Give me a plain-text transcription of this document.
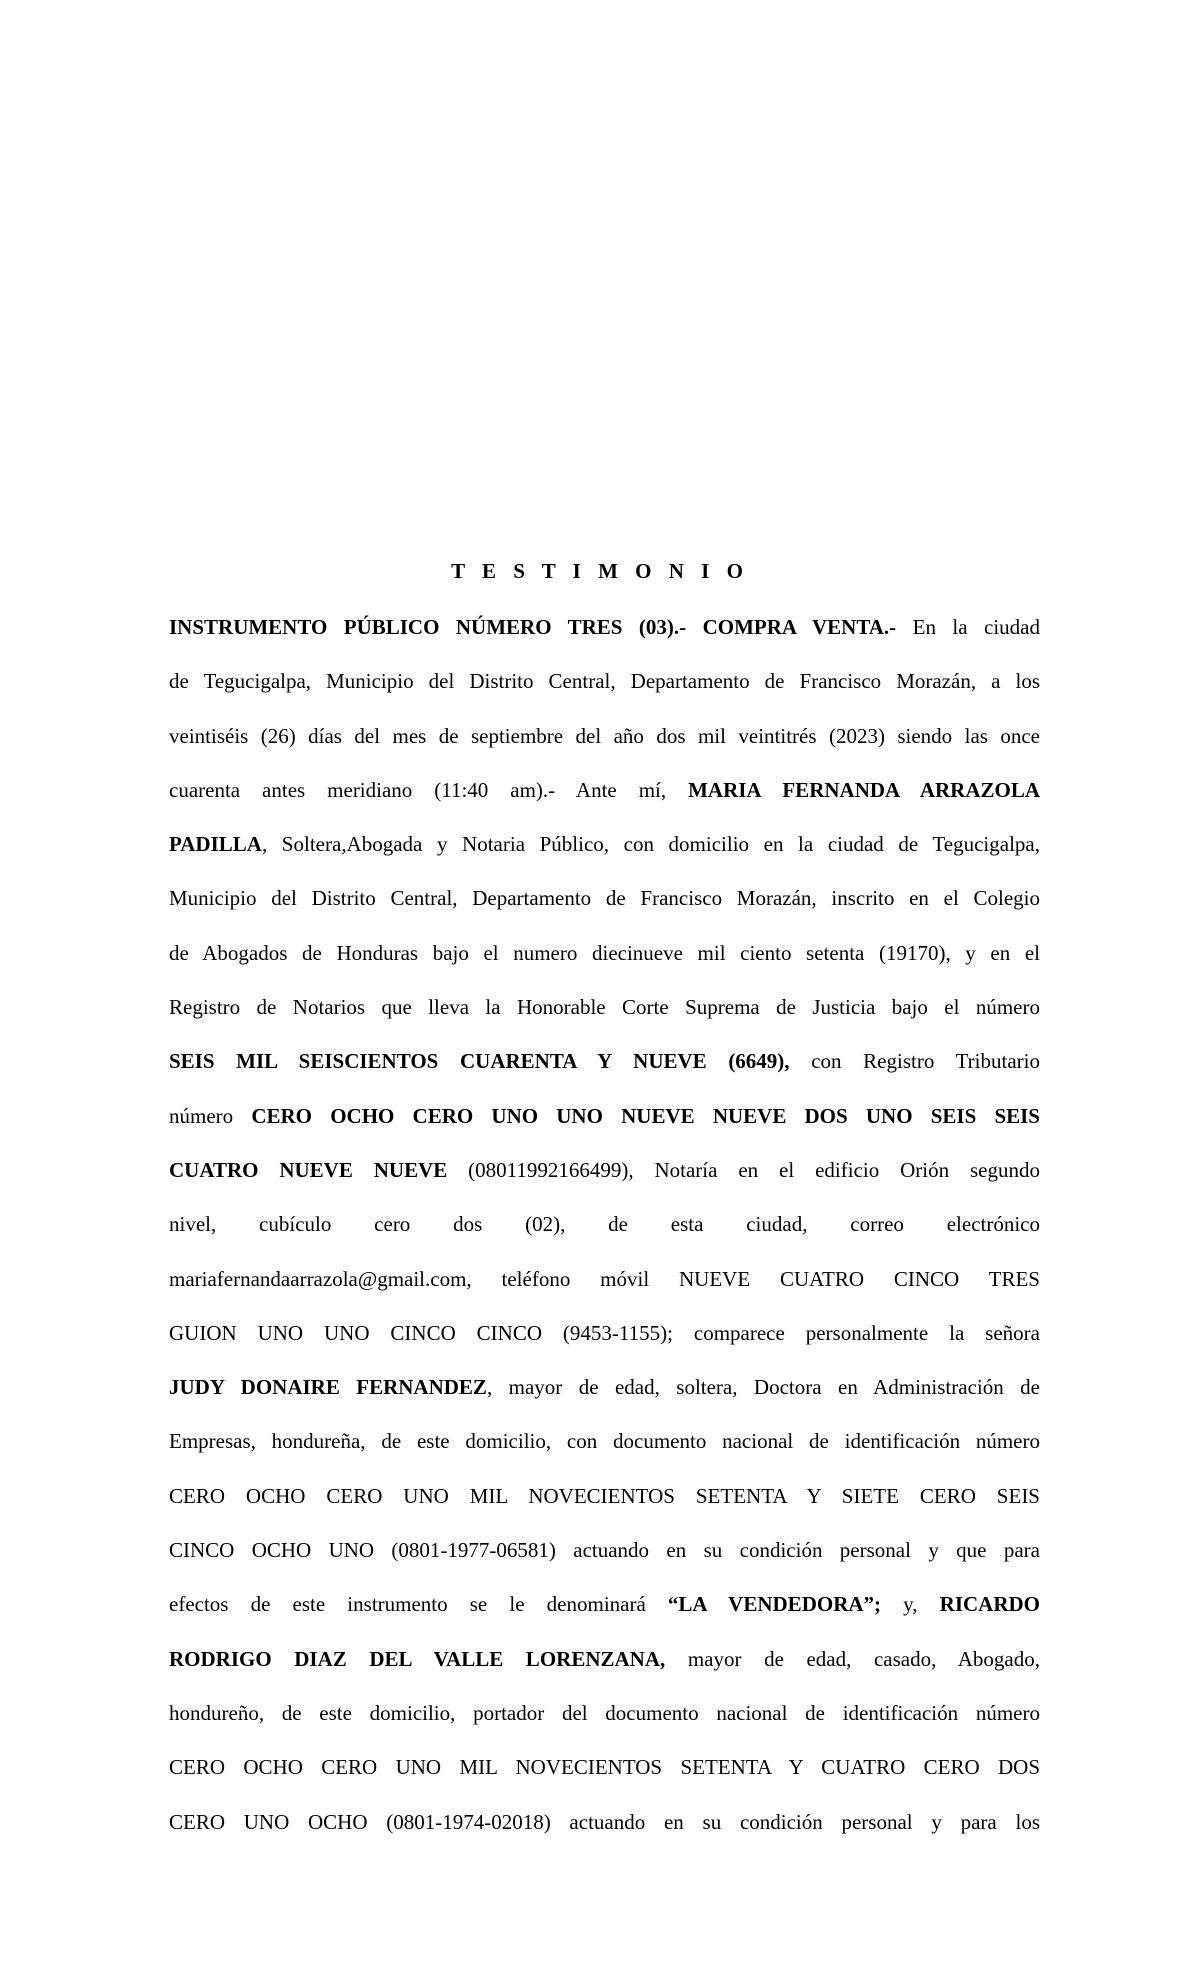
T E S T I M O N I O
INSTRUMENTO PÚBLICO NÚMERO TRES (03).- COMPRA VENTA.- En la ciudad
de Tegucigalpa, Municipio del Distrito Central, Departamento de Francisco Morazán, a los
veintiséis (26) días del mes de septiembre del año dos mil veintitrés (2023) siendo las once
cuarenta antes meridiano (11:40 am).- Ante mí, MARIA FERNANDA ARRAZOLA
PADILLA, Soltera,Abogada y Notaria Público, con domicilio en la ciudad de Tegucigalpa,
Municipio del Distrito Central, Departamento de Francisco Morazán, inscrito en el Colegio
de Abogados de Honduras bajo el numero diecinueve mil ciento setenta (19170), y en el
Registro de Notarios que lleva la Honorable Corte Suprema de Justicia bajo el número
SEIS MIL SEISCIENTOS CUARENTA Y NUEVE (6649), con Registro Tributario
número CERO OCHO CERO UNO UNO NUEVE NUEVE DOS UNO SEIS SEIS
CUATRO NUEVE NUEVE (08011992166499), Notaría en el edificio Orión segundo
nivel, cubículo cero dos (02), de esta ciudad, correo electrónico
mariafernandaarrazola@gmail.com, teléfono móvil NUEVE CUATRO CINCO TRES
GUION UNO UNO CINCO CINCO (9453-1155); comparece personalmente la señora
JUDY DONAIRE FERNANDEZ, mayor de edad, soltera, Doctora en Administración de
Empresas, hondureña, de este domicilio, con documento nacional de identificación número
CERO OCHO CERO UNO MIL NOVECIENTOS SETENTA Y SIETE CERO SEIS
CINCO OCHO UNO (0801-1977-06581) actuando en su condición personal y que para
efectos de este instrumento se le denominará “LA VENDEDORA”; y, RICARDO
RODRIGO DIAZ DEL VALLE LORENZANA, mayor de edad, casado, Abogado,
hondureño, de este domicilio, portador del documento nacional de identificación número
CERO OCHO CERO UNO MIL NOVECIENTOS SETENTA Y CUATRO CERO DOS
CERO UNO OCHO (0801-1974-02018) actuando en su condición personal y para los
